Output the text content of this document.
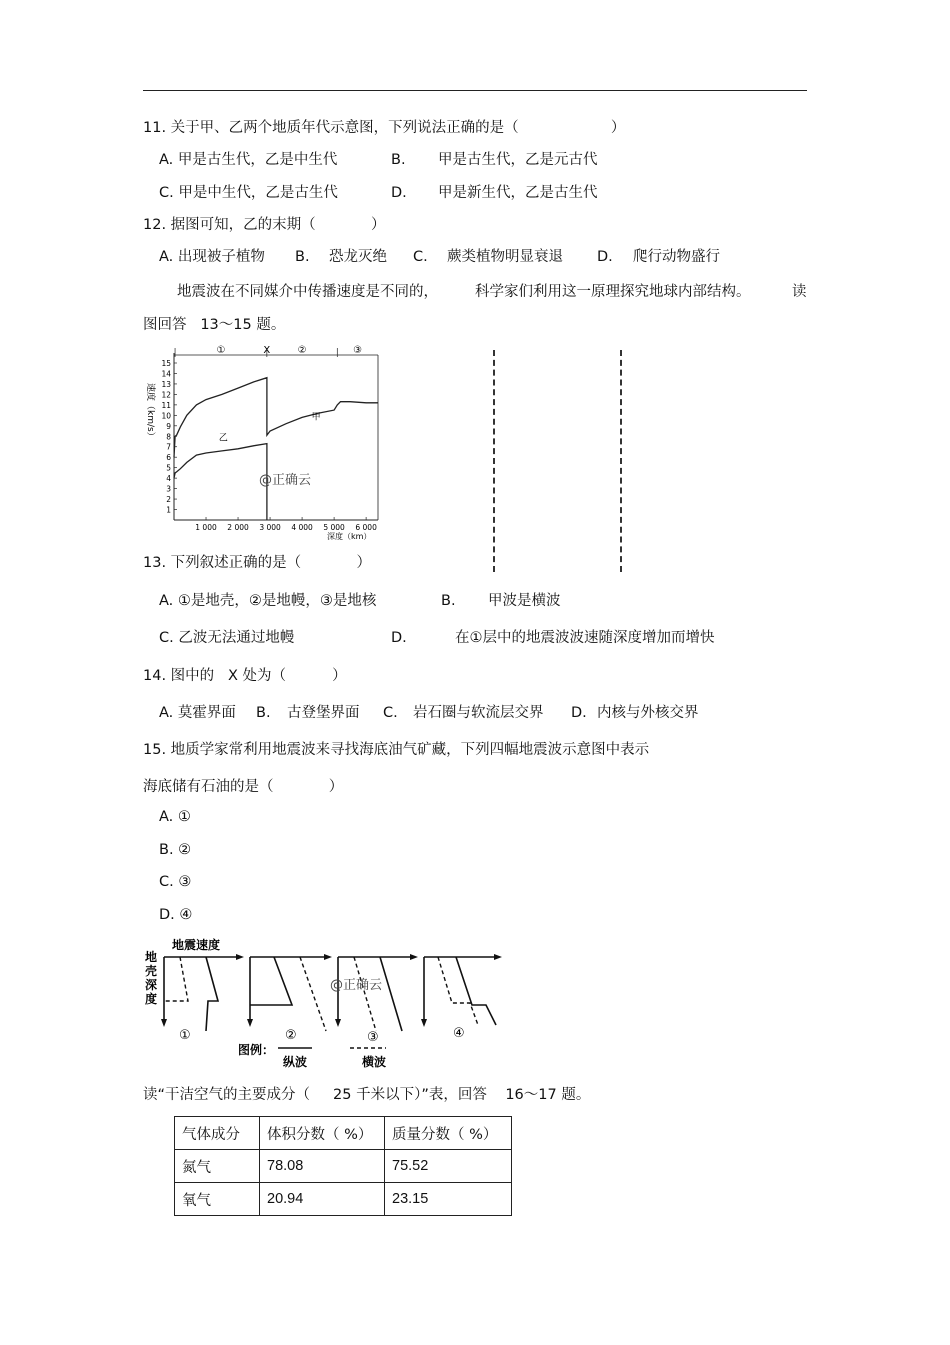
11. 关于甲、乙两个地质年代示意图，下列说法正确的是（                    ）
A. 甲是古生代，乙是中生代	B. 甲是古生代，乙是元古代
C. 甲是中生代，乙是古生代	D. 甲是新生代，乙是古生代
12. 据图可知，乙的末期（            ）
A. 出现被子植物 B. 恐龙灭绝 C. 蕨类植物明显衰退 D. 爬行动物盛行
地震波在不同媒介中传播速度是不同的，	科学家们利用这一原理探究地球内部结构。	读
图回答   13～15 题。
速度（km/s）
深度（km）
1
2
3
4
5
6
7
8
9
10
11
12
13
14
15
1 000 2 000 3 000 4 000 5 000 6 000
①	X	②	③
甲
乙
@正确云
13. 下列叙述正确的是（            ）
A. ①是地壳，②是地幔，③是地核	B. 甲波是横波
C. 乙波无法通过地幔	D.	在①层中的地震波波速随深度增加而增快
14. 图中的   X 处为（          ）
A. 莫霍界面 B. 古登堡界面 C. 岩石圈与软流层交界 D. 内核与外核交界
15. 地质学家常利用地震波来寻找海底油气矿藏，下列四幅地震波示意图中表示
海底储有石油的是（            ）
A. ①
B. ②
C. ③
D. ④
地震速度
地
壳
深
度
①	②	③	④
@正确云
图例：
纵波	横波
读“干洁空气的主要成分（     25 千米以下）”表，回答    16～17 题。
气体成分	体积分数（ %）	质量分数（ %）
氮气	78.08	75.52
氧气	20.94	23.15
